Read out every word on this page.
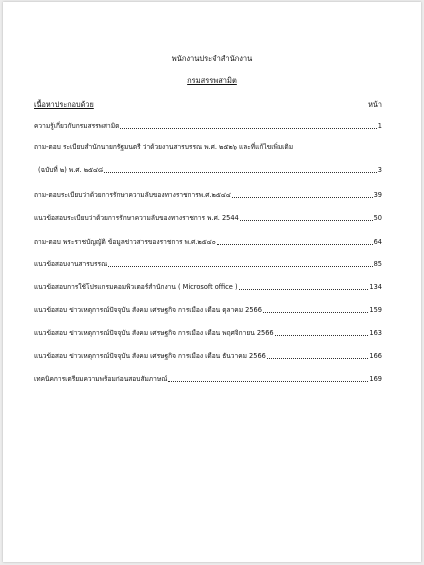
พนักงานประจำสำนักงาน
กรมสรรพสามิต
เนื้อหาประกอบด้วย	หน้า
ความรู้เกี่ยวกับกรมสรรพสามิต	1
ถาม-ตอบ ระเบียบสำนักนายกรัฐมนตรี ว่าด้วยงานสารบรรณ พ.ศ. ๒๕๒๖ และที่แก้ไขเพิ่มเติม
(ฉบับที่ ๒) พ.ศ. ๒๕๔๘	3
ถาม-ตอบระเบียบว่าด้วยการรักษาความลับของทางราชการพ.ศ.๒๕๔๔	39
แนวข้อสอบระเบียบว่าด้วยการรักษาความลับของทางราชการ พ.ศ. 2544	50
ถาม-ตอบ พระราชบัญญัติ ข้อมูลข่าวสารของราชการ พ.ศ.๒๕๔๐	64
แนวข้อสอบงานสารบรรณ	85
แนวข้อสอบการใช้โปรแกรมคอมพิวเตอร์สำนักงาน ( Microsoft office )	134
แนวข้อสอบ ข่าวเหตุการณ์ปัจจุบัน สังคม เศรษฐกิจ การเมือง เดือน ตุลาคม 2566	159
แนวข้อสอบ ข่าวเหตุการณ์ปัจจุบัน สังคม เศรษฐกิจ การเมือง เดือน พฤศจิกายน 2566	163
แนวข้อสอบ ข่าวเหตุการณ์ปัจจุบัน สังคม เศรษฐกิจ การเมือง เดือน ธันวาคม 2566	166
เทคนิคการเตรียมความพร้อมก่อนสอบสัมภาษณ์	169
